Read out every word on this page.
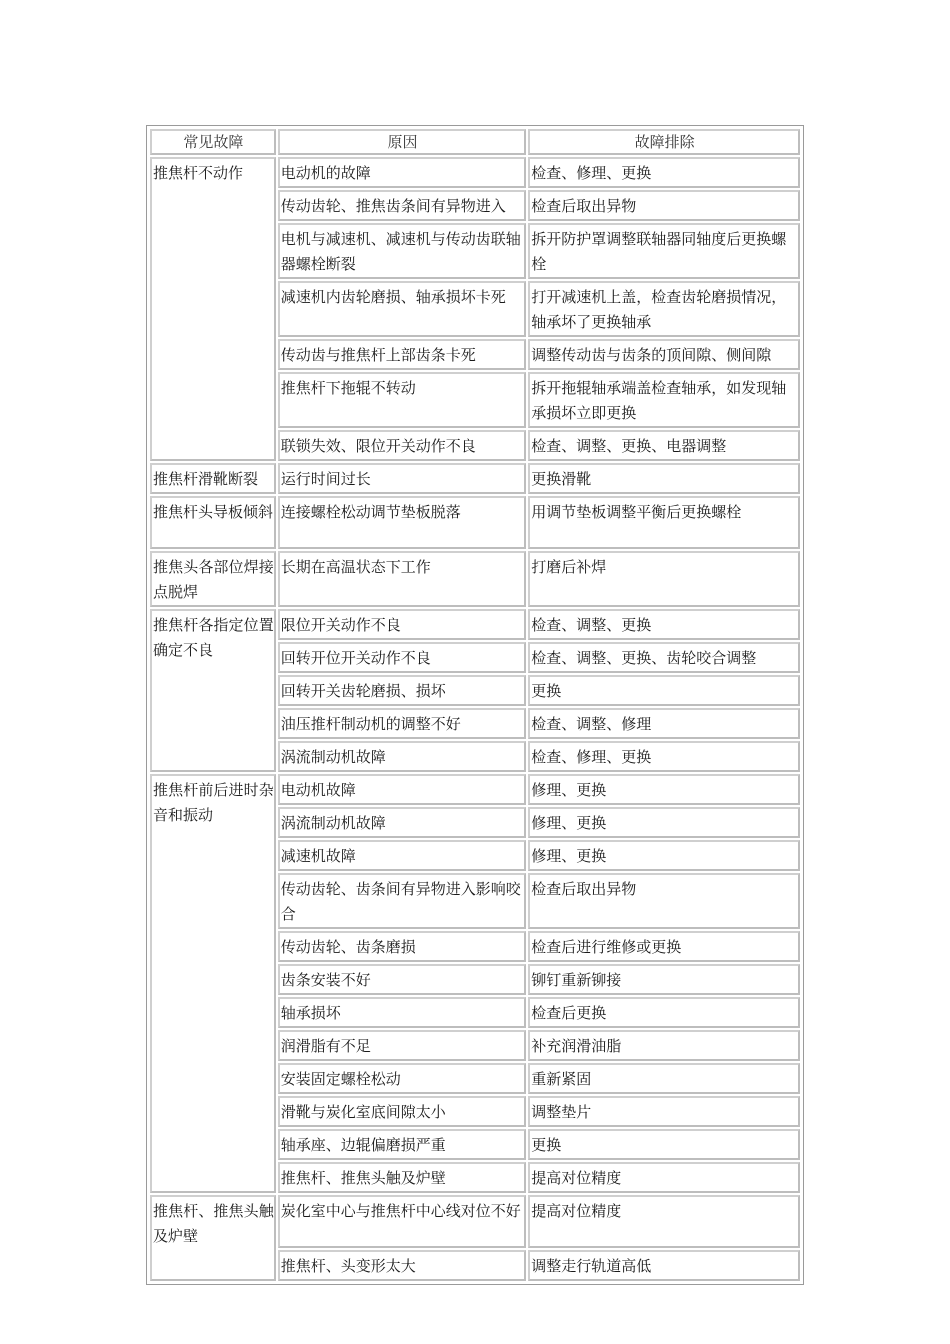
常见故障	原因	故障排除
推焦杆不动作	电动机的故障	检查、修理、更换
	传动齿轮、推焦齿条间有异物进入	检查后取出异物
	电机与减速机、减速机与传动齿联轴器螺栓断裂	拆开防护罩调整联轴器同轴度后更换螺栓
	减速机内齿轮磨损、轴承损坏卡死	打开减速机上盖，检查齿轮磨损情况，轴承坏了更换轴承
	传动齿与推焦杆上部齿条卡死	调整传动齿与齿条的顶间隙、侧间隙
	推焦杆下拖辊不转动	拆开拖辊轴承端盖检查轴承，如发现轴承损坏立即更换
	联锁失效、限位开关动作不良	检查、调整、更换、电器调整
推焦杆滑靴断裂	运行时间过长	更换滑靴
推焦杆头导板倾斜	连接螺栓松动调节垫板脱落	用调节垫板调整平衡后更换螺栓
推焦头各部位焊接点脱焊	长期在高温状态下工作	打磨后补焊
推焦杆各指定位置确定不良	限位开关动作不良	检查、调整、更换
	回转开位开关动作不良	检查、调整、更换、齿轮咬合调整
	回转开关齿轮磨损、损坏	更换
	油压推杆制动机的调整不好	检查、调整、修理
	涡流制动机故障	检查、修理、更换
推焦杆前后进时杂音和振动	电动机故障	修理、更换
	涡流制动机故障	修理、更换
	减速机故障	修理、更换
	传动齿轮、齿条间有异物进入影响咬合	检查后取出异物
	传动齿轮、齿条磨损	检查后进行维修或更换
	齿条安装不好	铆钉重新铆接
	轴承损坏	检查后更换
	润滑脂有不足	补充润滑油脂
	安装固定螺栓松动	重新紧固
	滑靴与炭化室底间隙太小	调整垫片
	轴承座、边辊偏磨损严重	更换
	推焦杆、推焦头触及炉壁	提高对位精度
推焦杆、推焦头触及炉壁	炭化室中心与推焦杆中心线对位不好	提高对位精度
	推焦杆、头变形太大	调整走行轨道高低
